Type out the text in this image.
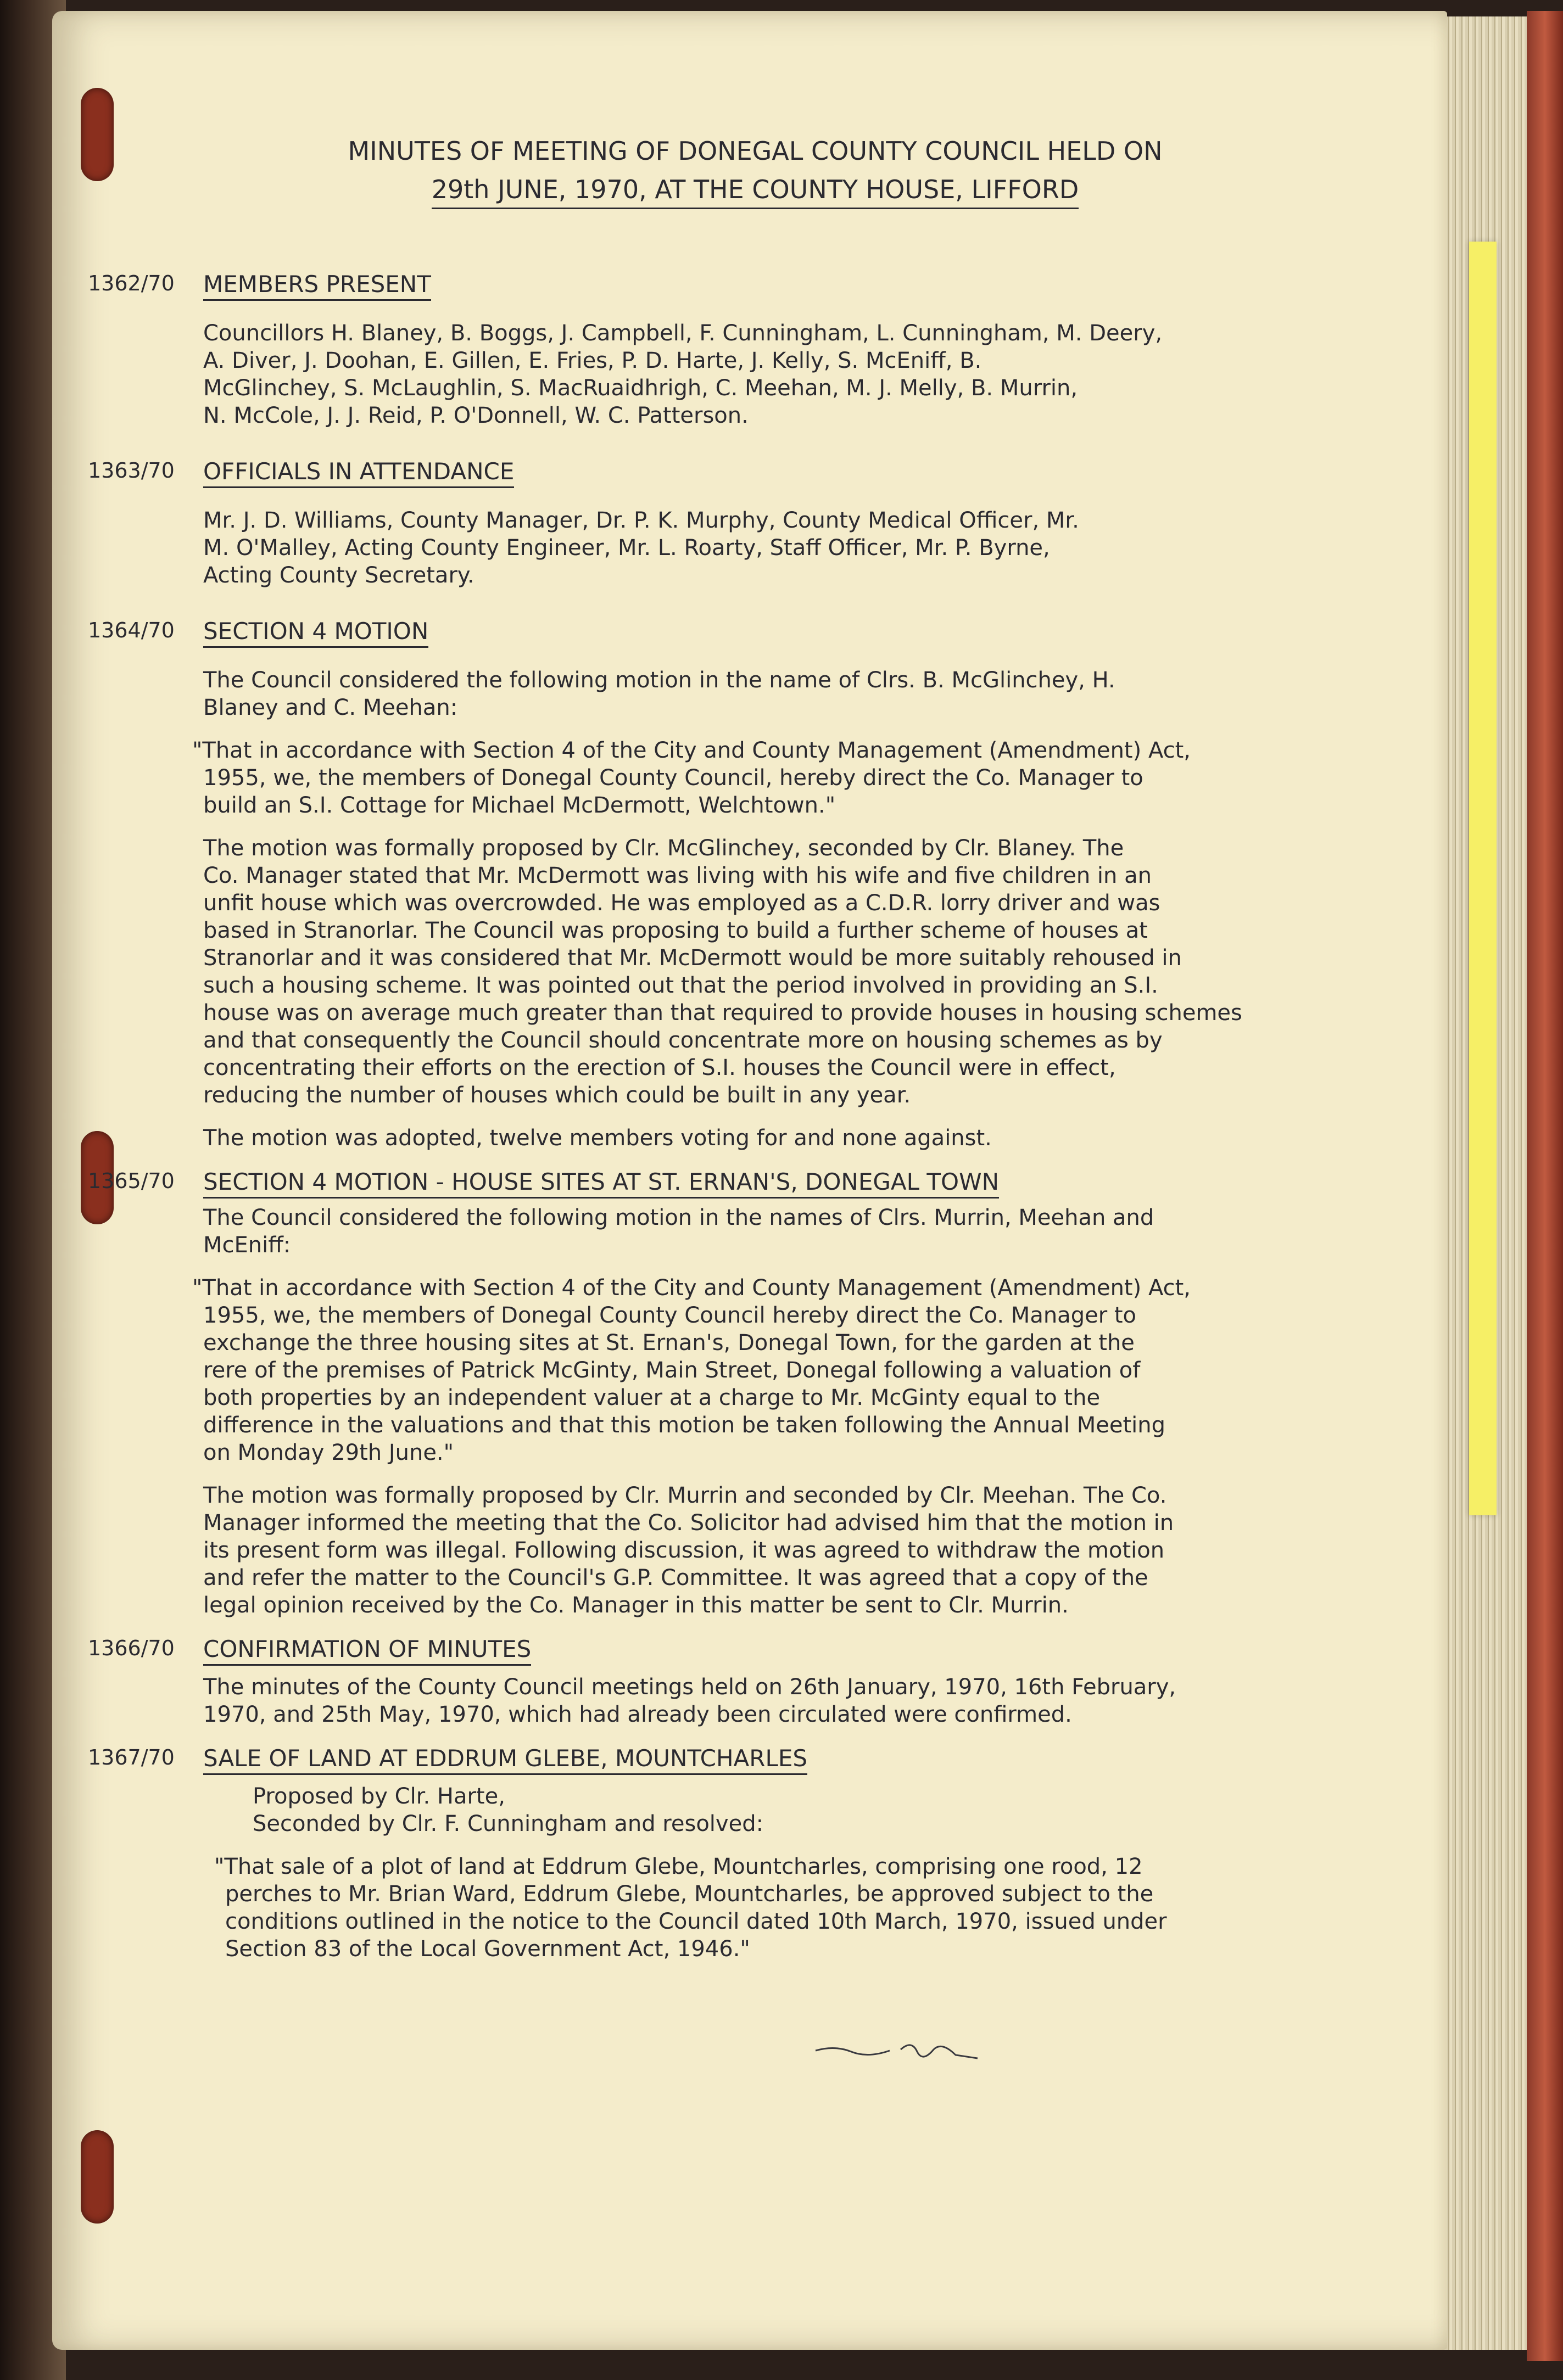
MINUTES OF MEETING OF DONEGAL COUNTY COUNCIL HELD ON
29th JUNE, 1970, AT THE COUNTY HOUSE, LIFFORD
1362/70	MEMBERS PRESENT

Councillors H. Blaney, B. Boggs, J. Campbell, F. Cunningham, L. Cunningham, M. Deery,
A. Diver, J. Doohan, E. Gillen, E. Fries, P. D. Harte, J. Kelly, S. McEniff, B.
McGlinchey, S. McLaughlin, S. MacRuaidhrigh, C. Meehan, M. J. Melly, B. Murrin,
N. McCole, J. J. Reid, P. O'Donnell, W. C. Patterson.

1363/70	OFFICIALS IN ATTENDANCE

Mr. J. D. Williams, County Manager, Dr. P. K. Murphy, County Medical Officer, Mr.
M. O'Malley, Acting County Engineer, Mr. L. Roarty, Staff Officer, Mr. P. Byrne,
Acting County Secretary.

1364/70	SECTION 4 MOTION

The Council considered the following motion in the name of Clrs. B. McGlinchey, H.
Blaney and C. Meehan:

"That in accordance with Section 4 of the City and County Management (Amendment) Act,
1955, we, the members of Donegal County Council, hereby direct the Co. Manager to
build an S.I. Cottage for Michael McDermott, Welchtown."

The motion was formally proposed by Clr. McGlinchey, seconded by Clr. Blaney. The
Co. Manager stated that Mr. McDermott was living with his wife and five children in an
unfit house which was overcrowded. He was employed as a C.D.R. lorry driver and was
based in Stranorlar. The Council was proposing to build a further scheme of houses at
Stranorlar and it was considered that Mr. McDermott would be more suitably rehoused in
such a housing scheme. It was pointed out that the period involved in providing an S.I.
house was on average much greater than that required to provide houses in housing schemes
and that consequently the Council should concentrate more on housing schemes as by
concentrating their efforts on the erection of S.I. houses the Council were in effect,
reducing the number of houses which could be built in any year.

The motion was adopted, twelve members voting for and none against.

1365/70	SECTION 4 MOTION - HOUSE SITES AT ST. ERNAN'S, DONEGAL TOWN

The Council considered the following motion in the names of Clrs. Murrin, Meehan and
McEniff:

"That in accordance with Section 4 of the City and County Management (Amendment) Act,
1955, we, the members of Donegal County Council hereby direct the Co. Manager to
exchange the three housing sites at St. Ernan's, Donegal Town, for the garden at the
rere of the premises of Patrick McGinty, Main Street, Donegal following a valuation of
both properties by an independent valuer at a charge to Mr. McGinty equal to the
difference in the valuations and that this motion be taken following the Annual Meeting
on Monday 29th June."

The motion was formally proposed by Clr. Murrin and seconded by Clr. Meehan. The Co.
Manager informed the meeting that the Co. Solicitor had advised him that the motion in
its present form was illegal. Following discussion, it was agreed to withdraw the motion
and refer the matter to the Council's G.P. Committee. It was agreed that a copy of the
legal opinion received by the Co. Manager in this matter be sent to Clr. Murrin.

1366/70	CONFIRMATION OF MINUTES

The minutes of the County Council meetings held on 26th January, 1970, 16th February,
1970, and 25th May, 1970, which had already been circulated were confirmed.

1367/70	SALE OF LAND AT EDDRUM GLEBE, MOUNTCHARLES

Proposed by Clr. Harte,
Seconded by Clr. F. Cunningham and resolved:

"That sale of a plot of land at Eddrum Glebe, Mountcharles, comprising one rood, 12
perches to Mr. Brian Ward, Eddrum Glebe, Mountcharles, be approved subject to the
conditions outlined in the notice to the Council dated 10th March, 1970, issued under
Section 83 of the Local Government Act, 1946."
